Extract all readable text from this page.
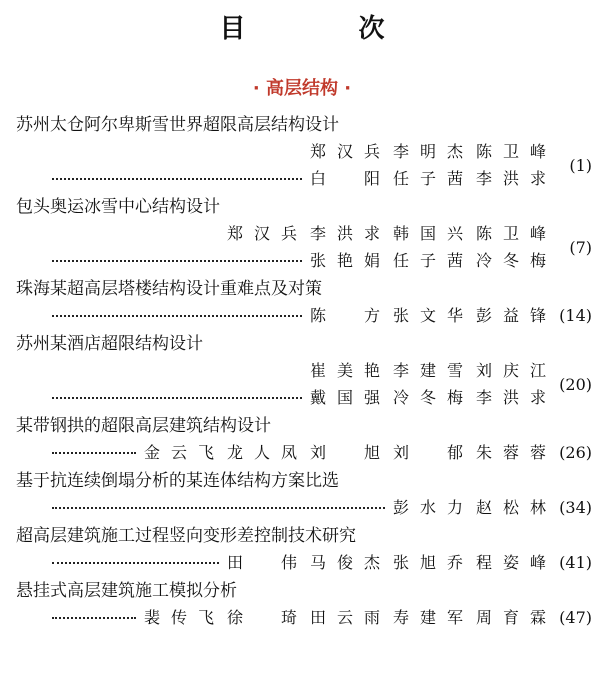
目 次
· 高层结构 ·
苏州太仓阿尔卑斯雪世界超限高层结构设计
郑汉兵 李明杰 陈卫峰
白 阳 任子茜 李洪求
(1)
包头奥运冰雪中心结构设计
郑汉兵 李洪求 韩国兴 陈卫峰
张艳娟 任子茜 冷冬梅
(7)
珠海某超高层塔楼结构设计重难点及对策
陈 方 张文华 彭益锋 (14)
苏州某酒店超限结构设计
崔美艳 李建雪 刘庆江
戴国强 冷冬梅 李洪求
(20)
某带钢拱的超限高层建筑结构设计
金云飞 龙人凤 刘 旭 刘 郁 朱蓉蓉 (26)
基于抗连续倒塌分析的某连体结构方案比选
彭水力 赵松林 (34)
超高层建筑施工过程竖向变形差控制技术研究
田 伟 马俊杰 张旭乔 程姿峰 (41)
悬挂式高层建筑施工模拟分析
裴传飞 徐 琦 田云雨 寿建军 周育霖 (47)
